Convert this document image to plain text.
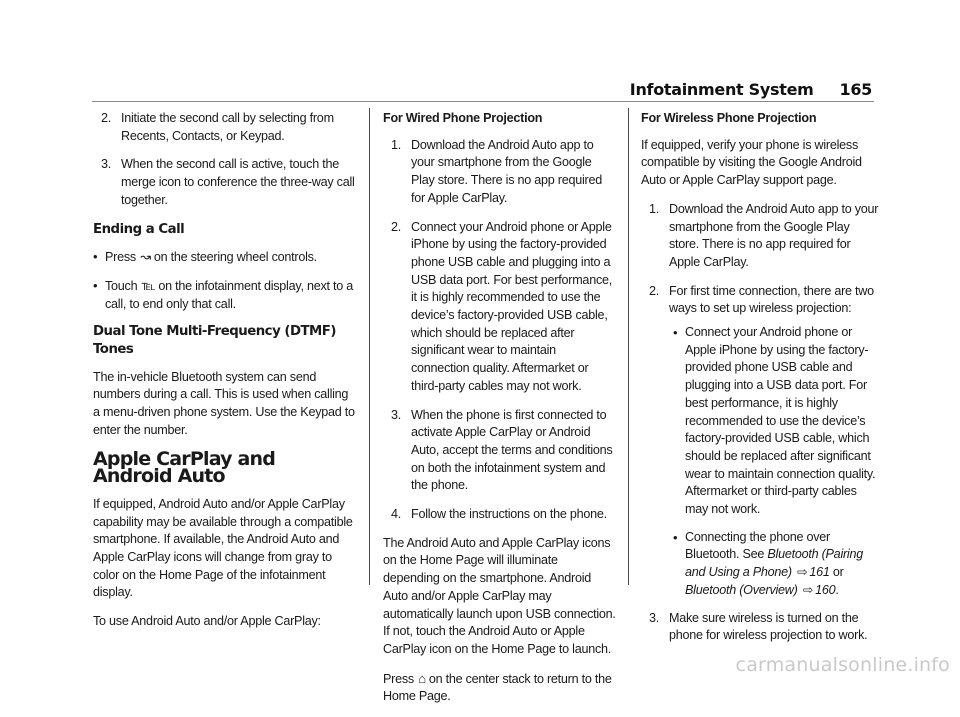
Infotainment System 165
2. Initiate the second call by selecting from Recents, Contacts, or Keypad.
3. When the second call is active, touch the merge icon to conference the three-way call together.
Ending a Call
• Press ↝ on the steering wheel controls.
• Touch ℡ on the infotainment display, next to a call, to end only that call.
Dual Tone Multi-Frequency (DTMF) Tones

The in-vehicle Bluetooth system can send numbers during a call. This is used when calling a menu-driven phone system. Use the Keypad to enter the number.

Apple CarPlay and Android Auto

If equipped, Android Auto and/or Apple CarPlay capability may be available through a compatible smartphone. If available, the Android Auto and Apple CarPlay icons will change from gray to color on the Home Page of the infotainment display.

To use Android Auto and/or Apple CarPlay:

For Wired Phone Projection
1. Download the Android Auto app to your smartphone from the Google Play store. There is no app required for Apple CarPlay.
2. Connect your Android phone or Apple iPhone by using the factory-provided phone USB cable and plugging into a USB data port. For best performance, it is highly recommended to use the device’s factory-provided USB cable, which should be replaced after significant wear to maintain connection quality. Aftermarket or third-party cables may not work.
3. When the phone is first connected to activate Apple CarPlay or Android Auto, accept the terms and conditions on both the infotainment system and the phone.
4. Follow the instructions on the phone.

The Android Auto and Apple CarPlay icons on the Home Page will illuminate depending on the smartphone. Android Auto and/or Apple CarPlay may automatically launch upon USB connection. If not, touch the Android Auto or Apple CarPlay icon on the Home Page to launch.

Press ⌂ on the center stack to return to the Home Page.

For Wireless Phone Projection

If equipped, verify your phone is wireless compatible by visiting the Google Android Auto or Apple CarPlay support page.

1. Download the Android Auto app to your smartphone from the Google Play store. There is no app required for Apple CarPlay.
2. For first time connection, there are two ways to set up wireless projection:
• Connect your Android phone or Apple iPhone by using the factory-provided phone USB cable and plugging into a USB data port. For best performance, it is highly recommended to use the device’s factory-provided USB cable, which should be replaced after significant wear to maintain connection quality. Aftermarket or third-party cables may not work.
• Connecting the phone over Bluetooth. See Bluetooth (Pairing and Using a Phone) ⇨ 161 or Bluetooth (Overview) ⇨ 160.
3. Make sure wireless is turned on the phone for wireless projection to work.
carmanualsonline.info
